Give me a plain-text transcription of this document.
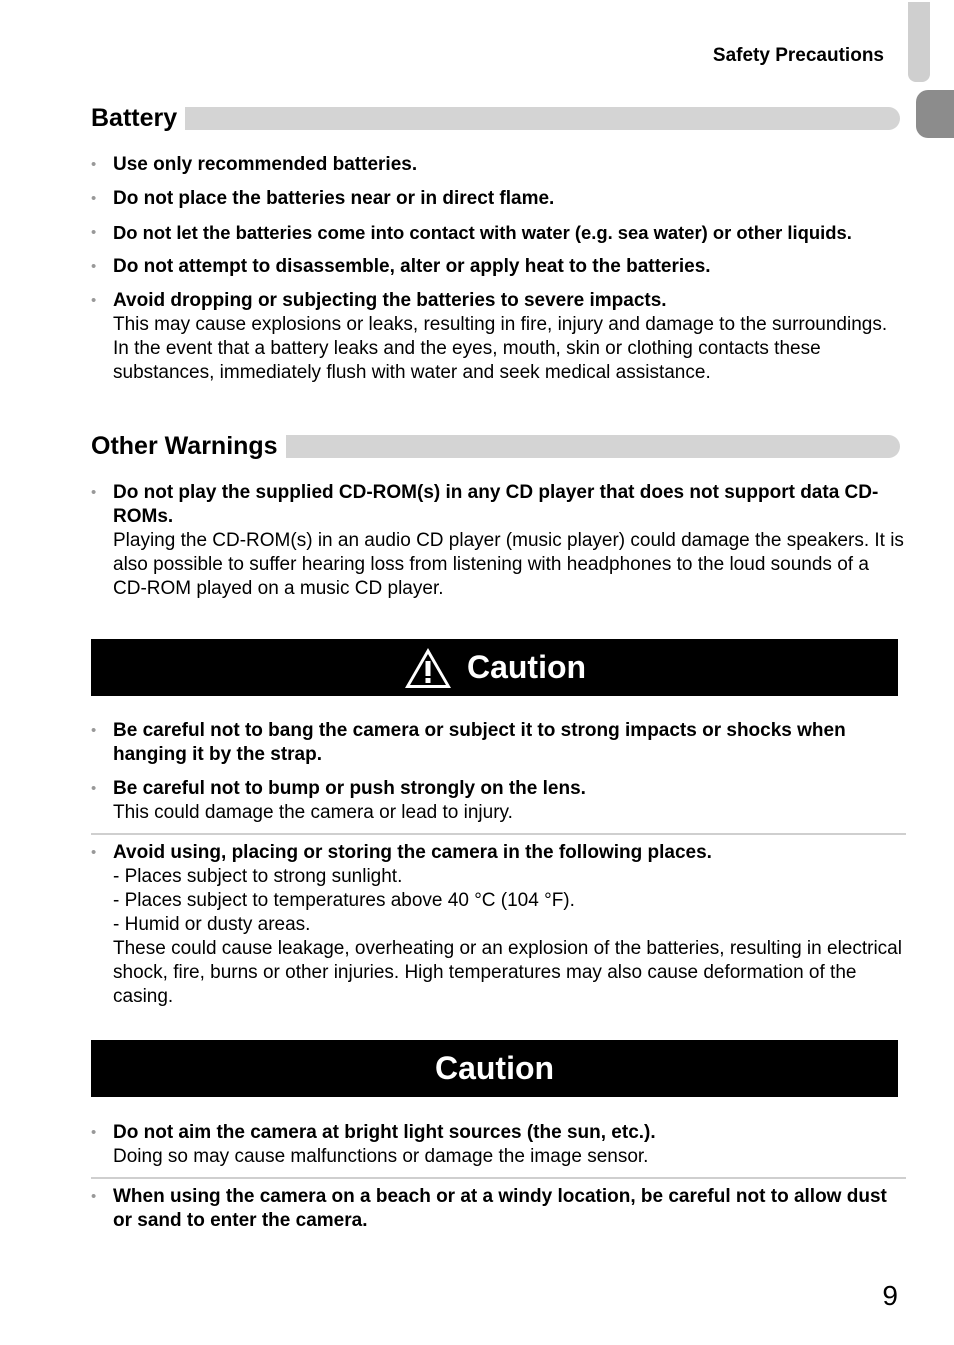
Safety Precautions
Battery
• Use only recommended batteries.
• Do not place the batteries near or in direct flame.
• Do not let the batteries come into contact with water (e.g. sea water) or other liquids.
• Do not attempt to disassemble, alter or apply heat to the batteries.
• Avoid dropping or subjecting the batteries to severe impacts.
This may cause explosions or leaks, resulting in fire, injury and damage to the surroundings. In the event that a battery leaks and the eyes, mouth, skin or clothing contacts these substances, immediately flush with water and seek medical assistance.
Other Warnings
• Do not play the supplied CD-ROM(s) in any CD player that does not support data CD-ROMs.
Playing the CD-ROM(s) in an audio CD player (music player) could damage the speakers. It is also possible to suffer hearing loss from listening with headphones to the loud sounds of a CD-ROM played on a music CD player.
Caution
• Be careful not to bang the camera or subject it to strong impacts or shocks when hanging it by the strap.
• Be careful not to bump or push strongly on the lens.
This could damage the camera or lead to injury.
• Avoid using, placing or storing the camera in the following places.
- Places subject to strong sunlight.
- Places subject to temperatures above 40 °C (104 °F).
- Humid or dusty areas.
These could cause leakage, overheating or an explosion of the batteries, resulting in electrical shock, fire, burns or other injuries. High temperatures may also cause deformation of the casing.
Caution
• Do not aim the camera at bright light sources (the sun, etc.).
Doing so may cause malfunctions or damage the image sensor.
• When using the camera on a beach or at a windy location, be careful not to allow dust or sand to enter the camera.
9
